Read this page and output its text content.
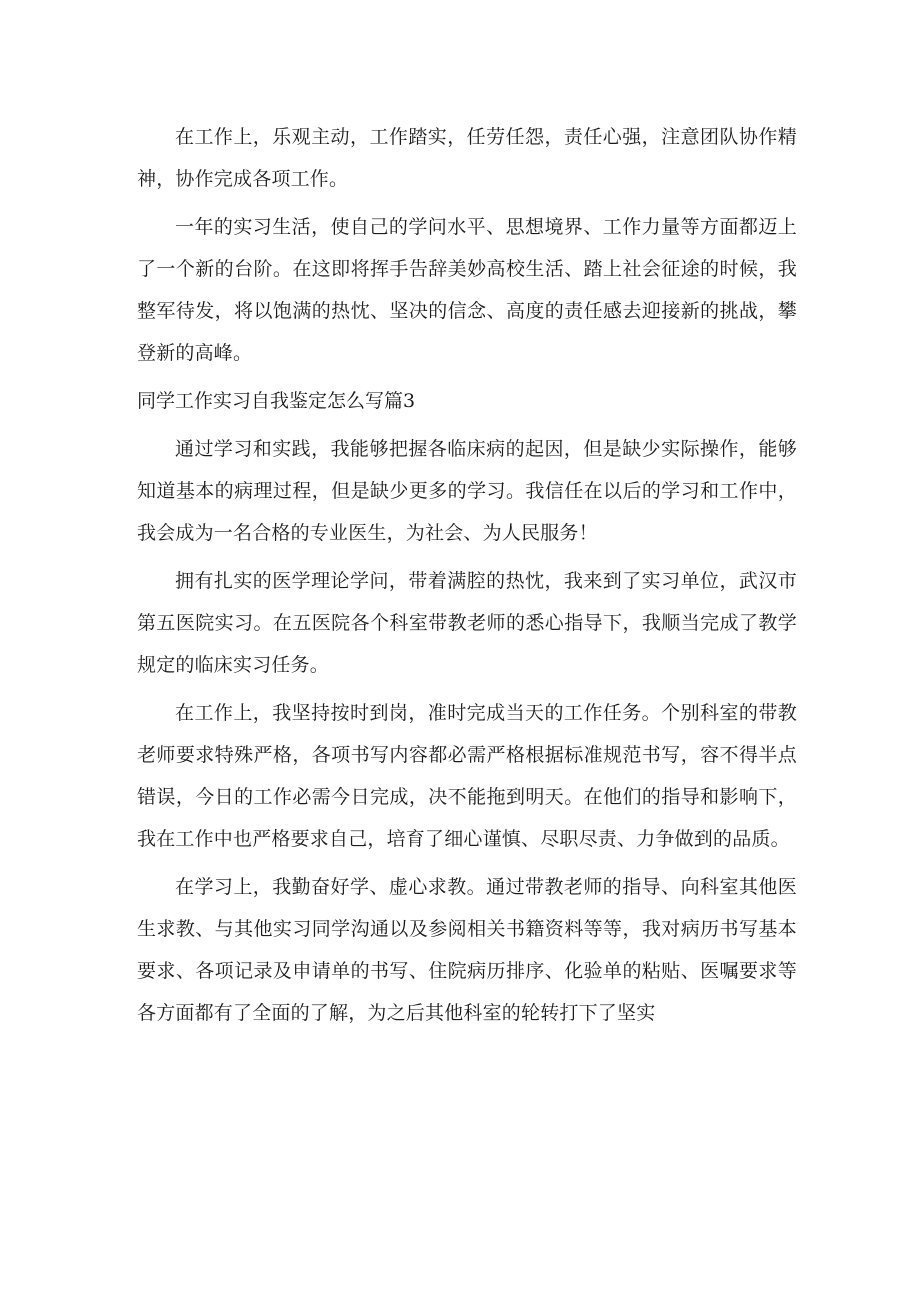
在工作上，乐观主动，工作踏实，任劳任怨，责任心强，注意团队协作精神，协作完成各项工作。

一年的实习生活，使自己的学问水平、思想境界、工作力量等方面都迈上了一个新的台阶。在这即将挥手告辞美妙高校生活、踏上社会征途的时候，我整军待发，将以饱满的热忱、坚决的信念、高度的责任感去迎接新的挑战，攀登新的高峰。

同学工作实习自我鉴定怎么写篇3

通过学习和实践，我能够把握各临床病的起因，但是缺少实际操作，能够知道基本的病理过程，但是缺少更多的学习。我信任在以后的学习和工作中，我会成为一名合格的专业医生，为社会、为人民服务！

拥有扎实的医学理论学问，带着满腔的热忱，我来到了实习单位，武汉市第五医院实习。在五医院各个科室带教老师的悉心指导下，我顺当完成了教学规定的临床实习任务。

在工作上，我坚持按时到岗，准时完成当天的工作任务。个别科室的带教老师要求特殊严格，各项书写内容都必需严格根据标准规范书写，容不得半点错误，今日的工作必需今日完成，决不能拖到明天。在他们的指导和影响下，我在工作中也严格要求自己，培育了细心谨慎、尽职尽责、力争做到的品质。

在学习上，我勤奋好学、虚心求教。通过带教老师的指导、向科室其他医生求教、与其他实习同学沟通以及参阅相关书籍资料等等，我对病历书写基本要求、各项记录及申请单的书写、住院病历排序、化验单的粘贴、医嘱要求等各方面都有了全面的了解，为之后其他科室的轮转打下了坚实
